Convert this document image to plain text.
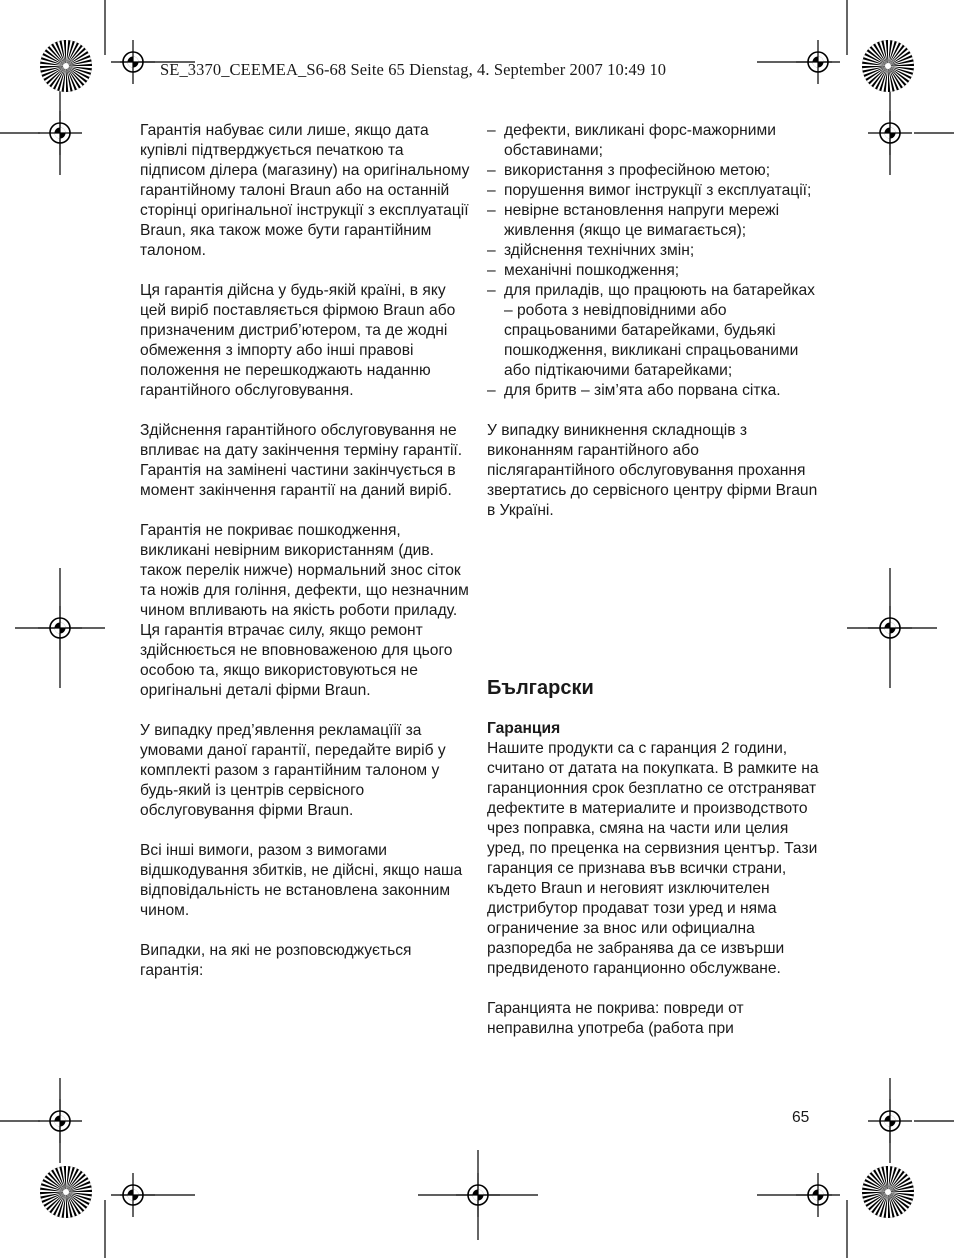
SE_3370_CEEMEA_S6-68 Seite 65 Dienstag, 4. September 2007 10:49 10

Гарантія набуває сили лише, якщо дата купівлі підтверджується печаткою та підписом ділера (магазину) на оригінальному гарантійному талоні Braun або на останній сторінці оригінальної інструкції з експлуатації Braun, яка також може бути гарантійним талоном.

Ця гарантія дійсна у будь-якій країні, в яку цей виріб поставляється фірмою Braun або призначеним дистриб’ютером, та де жодні обмеження з імпорту або інші правові положення не перешкоджають наданню гарантійного обслуговування.

Здійснення гарантійного обслуговування не впливає на дату закінчення терміну гарантії. Гарантія на замінені частини закінчується в момент закінчення гарантії на даний виріб.

Гарантія не покриває пошкодження, викликані невірним використанням (див. також перелік нижче) нормальний знос сіток та ножів для гоління, дефекти, що незначним чином впливають на якість роботи приладу. Ця гарантія втрачає силу, якщо ремонт здійснюється не вповноваженою для цього особою та, якщо використовуються не оригінальні деталі фірми Braun.

У випадку пред’явлення рекламацїії за умовами даної гарантії, передайте виріб у комплекті разом з гарантійним талоном у будь-який із центрів сервісного обслуговування фірми Braun.

Всі інші вимоги, разом з вимогами відшкодування збитків, не дійсні, якщо наша відповідальність не встановлена законним чином.

Випадки, на які не розповсюджується гарантія:

– дефекти, викликані форс-мажорними обставинами;
– використання з професійною метою;
– порушення вимог інструкції з експлуатації;
– невірне встановлення напруги мережі живлення (якщо це вимагається);
– здійснення технічних змін;
– механічні пошкодження;
– для приладів, що працюють на батарейках – робота з невідповідними або спрацьованими батарейками, будьякі пошкодження, викликані спрацьованими або підтікаючими батарейками;
– для бритв – зім’ята або порвана сітка.

У випадку виникнення складнощів з виконанням гарантійного або післягарантійного обслуговування прохання звертатись до сервісного центру фірми Braun в Україні.

Български
Гаранция

Нашите продукти са с гаранция 2 години, считано от датата на покупката. В рамките на гаранционния срок безплатно се отстраняват дефектите в материалите и производството чрез поправка, смяна на части или целия уред, по преценка на сервизния център. Тази гаранция се признава във всички страни, където Braun и неговият изключителен дистрибутор продават този уред и няма ограничение за внос или официална разпоредба не забранява да се извърши предвиденото гаранционно обслужване.

Гаранцията не покрива: повреди от неправилна употреба (работа при

65
